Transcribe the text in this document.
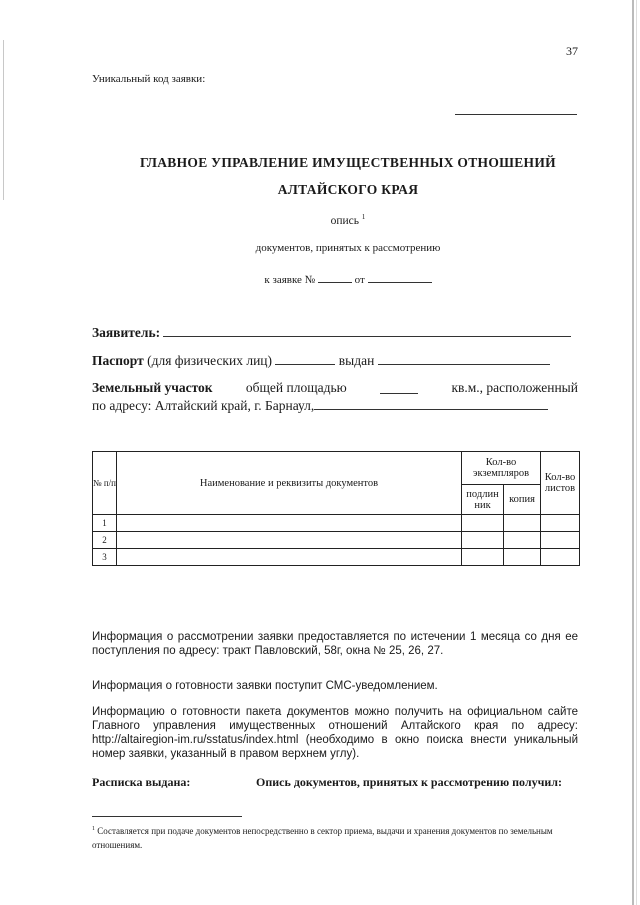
37
Уникальный код заявки:
ГЛАВНОЕ УПРАВЛЕНИЕ ИМУЩЕСТВЕННЫХ ОТНОШЕНИЙ
АЛТАЙСКОГО КРАЯ
опись $^1$
документов, принятых к рассмотрению
к заявке №	от
Заявитель:
Паспорт (для физических лиц)	выдан
Земельный участок общей площадью	кв.м., расположенный
по адресу: Алтайский край, г. Барнаул,
№ п/п	Наименование и реквизиты документов	Кол-во экземпляров		Кол-во листов
		подлин ник	копия	
1				
2				
3				
Информация о рассмотрении заявки предоставляется по истечении 1 месяца со дня ее поступления по адресу: тракт Павловский, 58г, окна № 25, 26, 27.
Информация о готовности заявки поступит СМС-уведомлением.
Информацию о готовности пакета документов можно получить на официальном сайте Главного управления имущественных отношений Алтайского края по адресу: http://altairegion-im.ru/sstatus/index.html (необходимо в окно поиска внести уникальный номер заявки, указанный в правом верхнем углу).
Расписка выдана:	Опись документов, принятых к рассмотрению получил:
$^1$ Составляется при подаче документов непосредственно в сектор приема, выдачи и хранения документов по земельным отношениям.
